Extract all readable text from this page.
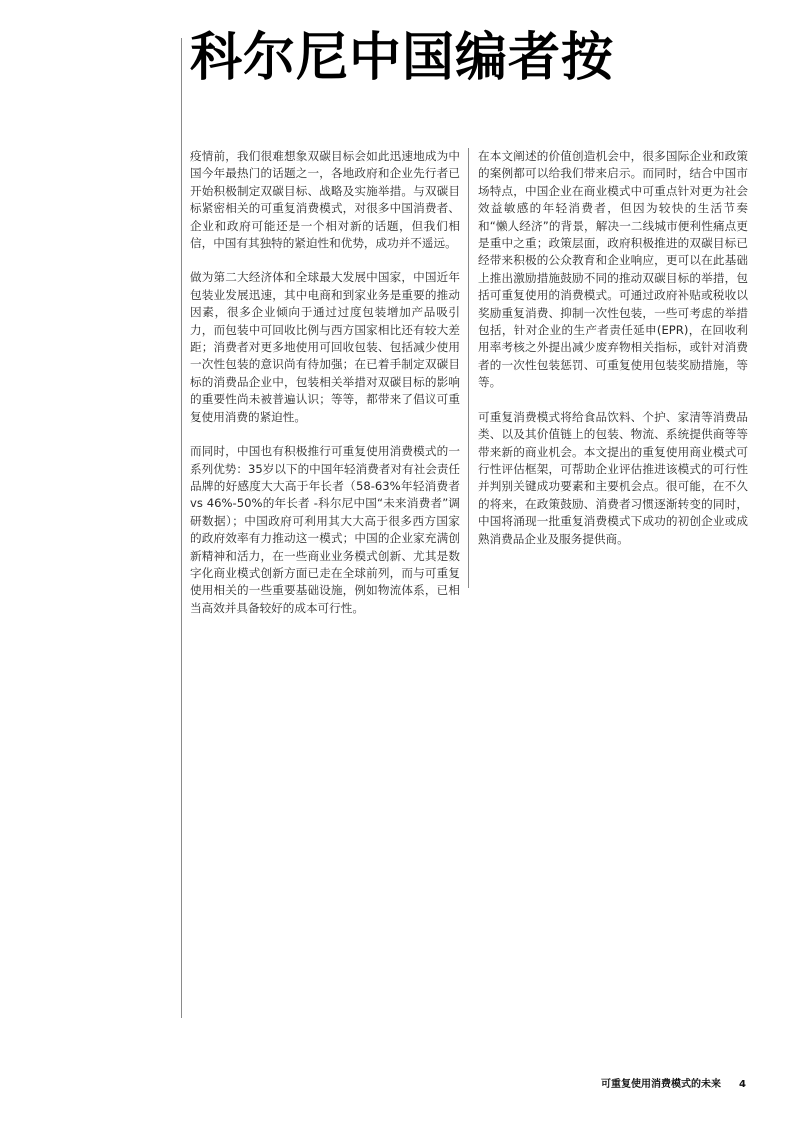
科尔尼中国编者按

疫情前，我们很难想象双碳目标会如此迅速地成为中国今年最热门的话题之一，各地政府和企业先行者已开始积极制定双碳目标、战略及实施举措。与双碳目标紧密相关的可重复消费模式，对很多中国消费者、企业和政府可能还是一个相对新的话题，但我们相信，中国有其独特的紧迫性和优势，成功并不遥远。

做为第二大经济体和全球最大发展中国家，中国近年包装业发展迅速，其中电商和到家业务是重要的推动因素，很多企业倾向于通过过度包装增加产品吸引力，而包装中可回收比例与西方国家相比还有较大差距；消费者对更多地使用可回收包装、包括减少使用一次性包装的意识尚有待加强；在已着手制定双碳目标的消费品企业中，包装相关举措对双碳目标的影响的重要性尚未被普遍认识；等等，都带来了倡议可重复使用消费的紧迫性。

而同时，中国也有积极推行可重复使用消费模式的一系列优势：35岁以下的中国年轻消费者对有社会责任品牌的好感度大大高于年长者（58-63%年轻消费者vs 46%-50%的年长者 -科尔尼中国“未来消费者”调研数据）；中国政府可利用其大大高于很多西方国家的政府效率有力推动这一模式；中国的企业家充满创新精神和活力，在一些商业业务模式创新、尤其是数字化商业模式创新方面已走在全球前列，而与可重复使用相关的一些重要基础设施，例如物流体系，已相当高效并具备较好的成本可行性。

在本文阐述的价值创造机会中，很多国际企业和政策的案例都可以给我们带来启示。而同时，结合中国市场特点，中国企业在商业模式中可重点针对更为社会效益敏感的年轻消费者，但因为较快的生活节奏和“懒人经济”的背景，解决一二线城市便利性痛点更是重中之重；政策层面，政府积极推进的双碳目标已经带来积极的公众教育和企业响应，更可以在此基础上推出激励措施鼓励不同的推动双碳目标的举措，包括可重复使用的消费模式。可通过政府补贴或税收以奖励重复消费、抑制一次性包装，一些可考虑的举措包括，针对企业的生产者责任延申(EPR)，在回收利用率考核之外提出减少废弃物相关指标，或针对消费者的一次性包装惩罚、可重复使用包装奖励措施，等等。

可重复消费模式将给食品饮料、个护、家清等消费品类、以及其价值链上的包装、物流、系统提供商等等带来新的商业机会。本文提出的重复使用商业模式可行性评估框架，可帮助企业评估推进该模式的可行性并判别关键成功要素和主要机会点。很可能，在不久的将来，在政策鼓励、消费者习惯逐渐转变的同时，中国将涌现一批重复消费模式下成功的初创企业或成熟消费品企业及服务提供商。

可重复使用消费模式的未来 4
